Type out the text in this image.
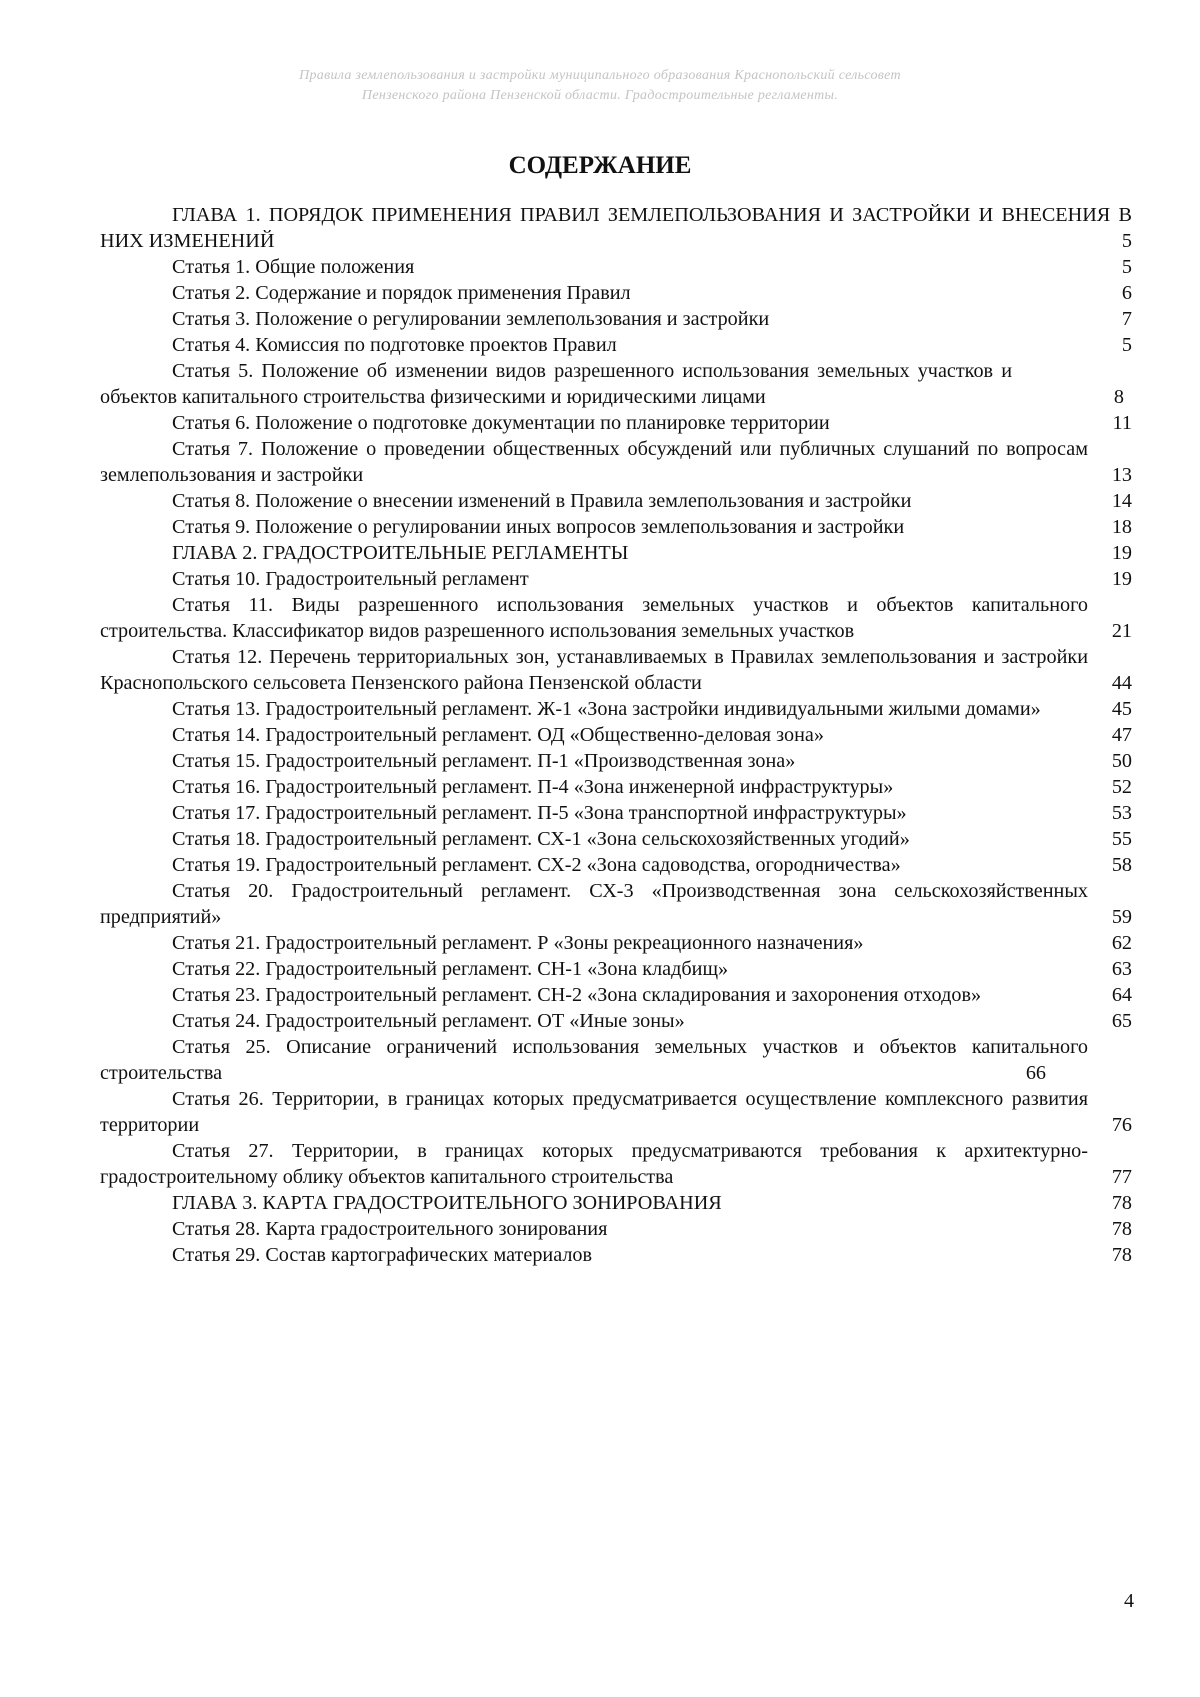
Правила землепользования и застройки муниципального образования Краснопольский сельсовет
Пензенского района Пензенской области. Градостроительные регламенты.
СОДЕРЖАНИЕ
ГЛАВА 1. ПОРЯДОК ПРИМЕНЕНИЯ ПРАВИЛ ЗЕМЛЕПОЛЬЗОВАНИЯ И ЗАСТРОЙКИ И ВНЕСЕНИЯ В НИХ ИЗМЕНЕНИЙ	5
Статья 1. Общие положения	5
Статья 2. Содержание и порядок применения Правил	6
Статья 3. Положение о регулировании землепользования и застройки	7
Статья 4. Комиссия по подготовке проектов Правил	5
Статья 5. Положение об изменении видов разрешенного использования земельных участков и объектов капитального строительства физическими и юридическими лицами	8
Статья 6. Положение о подготовке документации по планировке территории	11
Статья 7. Положение о проведении общественных обсуждений или публичных слушаний по вопросам землепользования и застройки	13
Статья 8. Положение о внесении изменений в Правила землепользования и застройки	14
Статья 9. Положение о регулировании иных вопросов землепользования и застройки	18
ГЛАВА 2. ГРАДОСТРОИТЕЛЬНЫЕ РЕГЛАМЕНТЫ	19
Статья 10. Градостроительный регламент	19
Статья 11. Виды разрешенного использования земельных участков и объектов капитального строительства. Классификатор видов разрешенного использования земельных участков	21
Статья 12. Перечень территориальных зон, устанавливаемых в Правилах землепользования и застройки Краснопольского сельсовета Пензенского района Пензенской области	44
Статья 13. Градостроительный регламент. Ж-1 «Зона застройки индивидуальными жилыми домами»	45
Статья 14. Градостроительный регламент. ОД «Общественно-деловая зона»	47
Статья 15. Градостроительный регламент. П-1 «Производственная зона»	50
Статья 16. Градостроительный регламент. П-4 «Зона инженерной инфраструктуры»	52
Статья 17. Градостроительный регламент. П-5 «Зона транспортной инфраструктуры»	53
Статья 18. Градостроительный регламент. СХ-1 «Зона сельскохозяйственных угодий»	55
Статья 19. Градостроительный регламент. СХ-2 «Зона садоводства, огородничества»	58
Статья 20. Градостроительный регламент. СХ-3 «Производственная зона сельскохозяйственных предприятий»	59
Статья 21. Градостроительный регламент. Р «Зоны рекреационного назначения»	62
Статья 22. Градостроительный регламент. СН-1 «Зона кладбищ»	63
Статья 23. Градостроительный регламент. СН-2 «Зона складирования и захоронения отходов»	64
Статья 24. Градостроительный регламент. ОТ «Иные зоны»	65
Статья 25. Описание ограничений использования земельных участков и объектов капитального строительства	66
Статья 26. Территории, в границах которых предусматривается осуществление комплексного развития территории	76
Статья 27. Территории, в границах которых предусматриваются требования к архитектурно-градостроительному облику объектов капитального строительства	77
ГЛАВА 3. КАРТА ГРАДОСТРОИТЕЛЬНОГО ЗОНИРОВАНИЯ	78
Статья 28. Карта градостроительного зонирования	78
Статья 29. Состав картографических материалов	78
4
